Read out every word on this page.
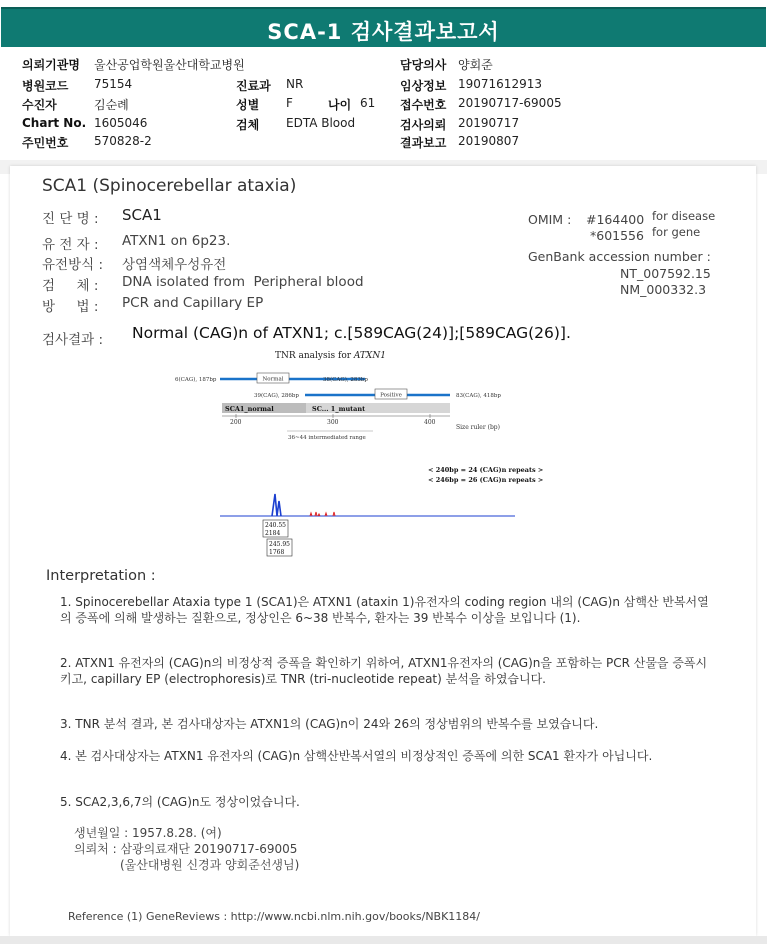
SCA-1 검사결과보고서
의뢰기관명 울산공업학원울산대학교병원	담당의사 양회준
병원코드 75154	진료과 NR	임상정보 19071612913
수진자	김순례	성별 F	나이 61 접수번호 20190717-69005
Chart No. 1605046	검체 EDTA Blood	검사의뢰 20190717
주민번호 570828-2	결과보고 20190807
SCA1 (Spinocerebellar ataxia)
진 단 명 : SCA1
유 전 자 : ATXN1 on 6p23.
유전방식 : 상염색체우성유전
검     체 : DNA isolated from  Peripheral blood
방     법 : PCR and Capillary EP
OMIM : #164400 for disease
*601556 for gene
GenBank accession number :
NT_007592.15
NM_000332.3
검사결과 : Normal (CAG)n of ATXN1; c.[589CAG(24)];[589CAG(26)].
TNR analysis for ATXN1
6(CAG), 187bp	Normal	38(CAG), 283bp
39(CAG), 286bp	Positive	83(CAG), 418bp
SCA1_normal	SC... 1_mutant
200	300	400
Size ruler (bp)
36~44 intermediated range
< 240bp = 24 (CAG)n repeats >
< 246bp = 26 (CAG)n repeats >
240.55
2184
245.95
1768
Interpretation :
1. Spinocerebellar Ataxia type 1 (SCA1)은 ATXN1 (ataxin 1)유전자의 coding region 내의 (CAG)n 삼핵산 반복서열의 증폭에 의해 발생하는 질환으로, 정상인은 6~38 반복수, 환자는 39 반복수 이상을 보입니다 (1).
2. ATXN1 유전자의 (CAG)n의 비정상적 증폭을 확인하기 위하여, ATXN1유전자의 (CAG)n을 포함하는 PCR 산물을 증폭시키고, capillary EP (electrophoresis)로 TNR (tri-nucleotide repeat) 분석을 하였습니다.
3. TNR 분석 결과, 본 검사대상자는 ATXN1의 (CAG)n이 24와 26의 정상범위의 반복수를 보였습니다.
4. 본 검사대상자는 ATXN1 유전자의 (CAG)n 삼핵산반복서열의 비정상적인 증폭에 의한 SCA1 환자가 아닙니다.
5. SCA2,3,6,7의 (CAG)n도 정상이었습니다.
생년월일 : 1957.8.28. (여)
의뢰처 : 삼광의료재단 20190717-69005
(울산대병원 신경과 양회준선생님)
Reference (1) GeneReviews : http://www.ncbi.nlm.nih.gov/books/NBK1184/
